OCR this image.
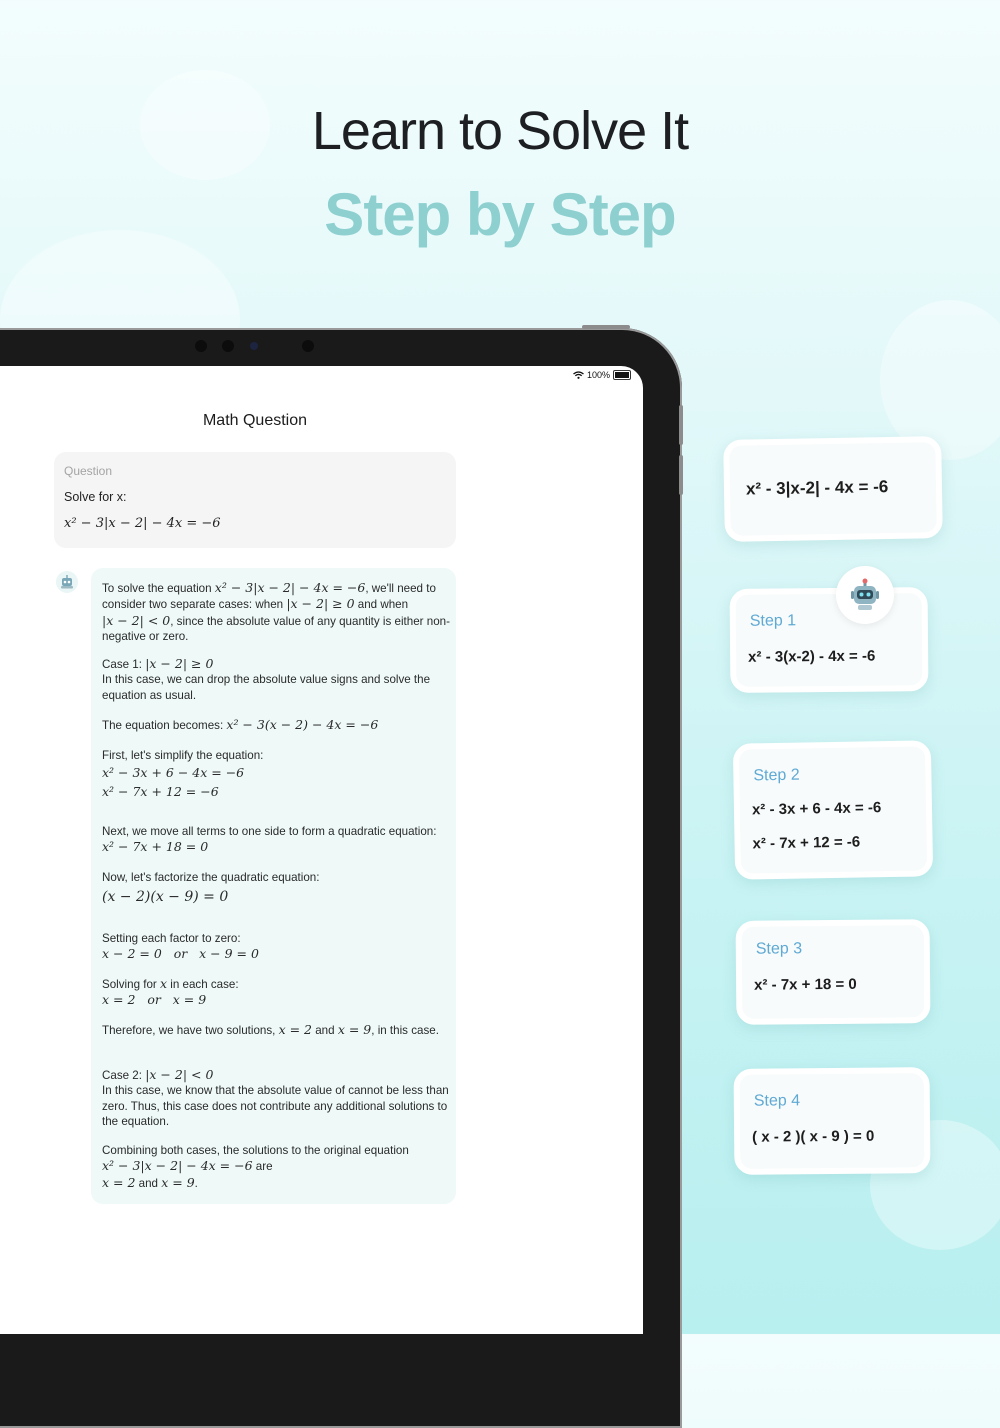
Learn to Solve It
Step by Step
100%
Math Question
Question
Solve for x:
x² − 3|x − 2| − 4x = −6
To solve the equation x² − 3|x − 2| − 4x = −6, we'll need to consider two separate cases: when |x − 2| ≥ 0 and when |x − 2| < 0, since the absolute value of any quantity is either non-negative or zero.
Case 1: |x − 2| ≥ 0
In this case, we can drop the absolute value signs and solve the equation as usual.
The equation becomes: x² − 3(x − 2) − 4x = −6
First, let's simplify the equation:
x² − 3x + 6 − 4x = −6
x² − 7x + 12 = −6
Next, we move all terms to one side to form a quadratic equation: x² − 7x + 18 = 0
Now, let's factorize the quadratic equation:
(x − 2)(x − 9) = 0
Setting each factor to zero:
x − 2 = 0   or   x − 9 = 0
Solving for x in each case:
x = 2   or   x = 9
Therefore, we have two solutions, x = 2 and x = 9, in this case.
Case 2: |x − 2| < 0
In this case, we know that the absolute value of cannot be less than zero. Thus, this case does not contribute any additional solutions to the equation.
Combining both cases, the solutions to the original equation x² − 3|x − 2| − 4x = −6 are
x = 2 and x = 9.
x² - 3|x-2| - 4x = -6
Step 1
x² - 3(x-2) - 4x = -6
Step 2
x² - 3x + 6 - 4x = -6
x² - 7x + 12 = -6
Step 3
x² - 7x + 18 = 0
Step 4
( x - 2 )( x - 9 ) = 0
